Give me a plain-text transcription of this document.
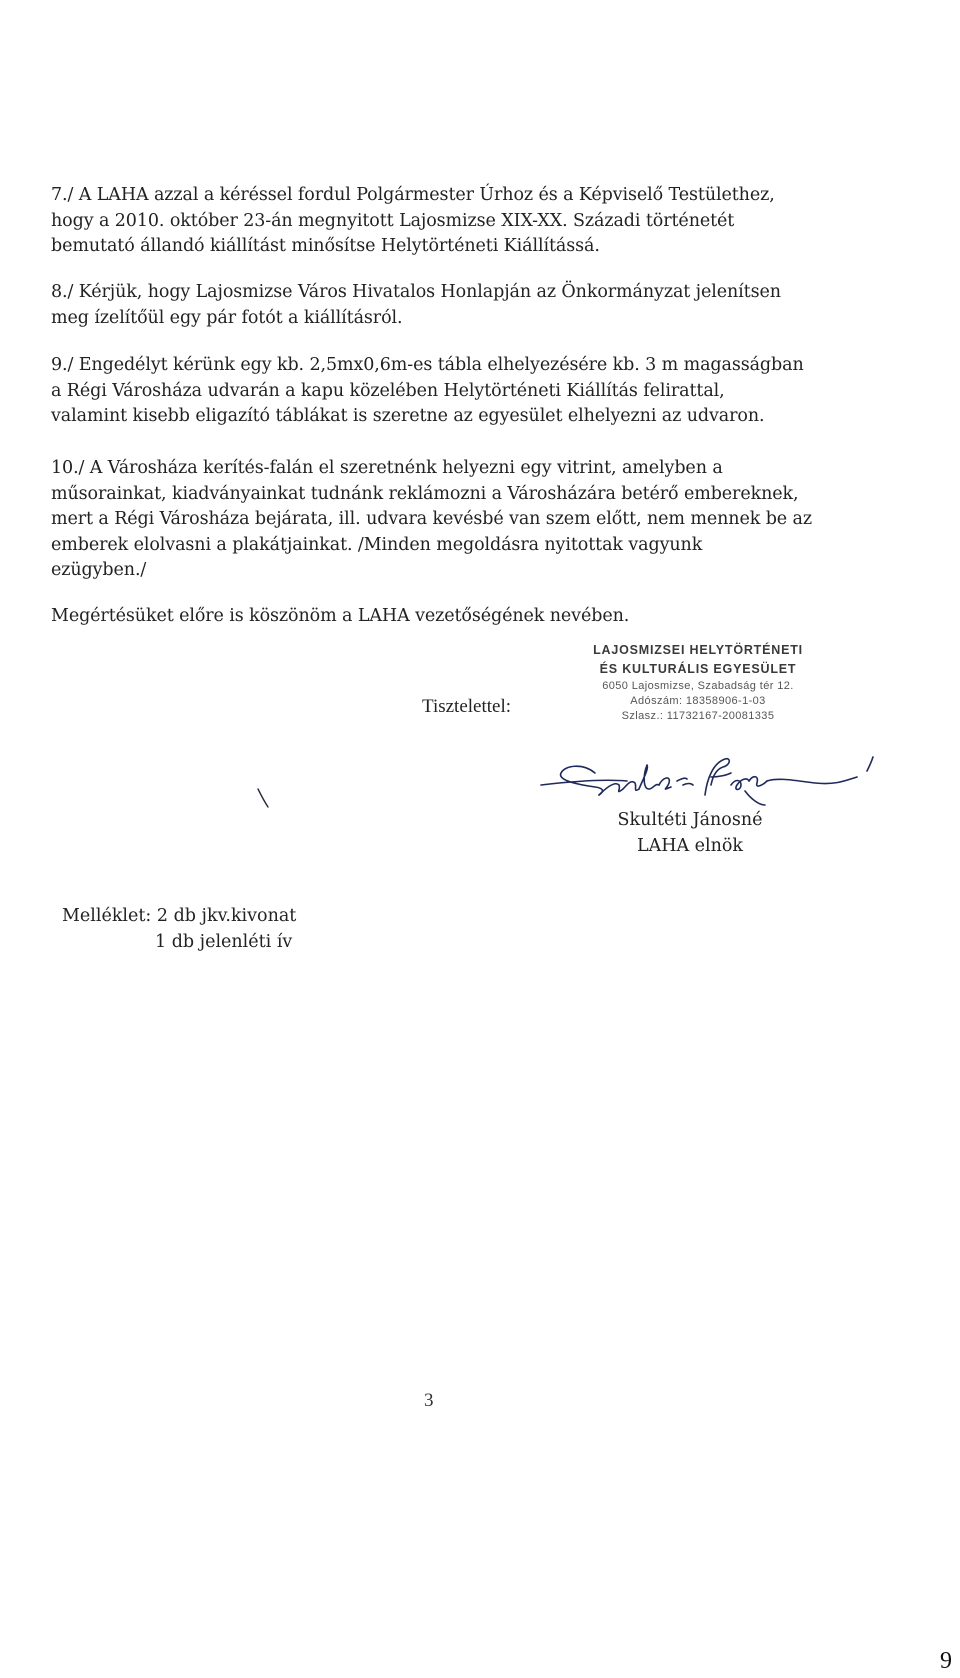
7./ A LAHA azzal a kéréssel fordul Polgármester Úrhoz és a Képviselő Testülethez,
hogy a 2010. október 23-án megnyitott Lajosmizse XIX-XX. Századi történetét
bemutató állandó kiállítást minősítse Helytörténeti Kiállítássá.

8./ Kérjük, hogy Lajosmizse Város Hivatalos Honlapján az Önkormányzat jelenítsen
meg ízelítőül egy pár fotót a kiállításról.

9./ Engedélyt kérünk egy kb. 2,5mx0,6m-es tábla elhelyezésére kb. 3 m magasságban
a Régi Városháza udvarán a kapu közelében Helytörténeti Kiállítás felirattal,
valamint kisebb eligazító táblákat is szeretne az egyesület elhelyezni az udvaron.

10./ A Városháza kerítés-falán el szeretnénk helyezni egy vitrint, amelyben a
műsorainkat, kiadványainkat tudnánk reklámozni a Városházára betérő embereknek,
mert a Régi Városháza bejárata, ill. udvara kevésbé van szem előtt, nem mennek be az
emberek elolvasni a plakátjainkat. /Minden megoldásra nyitottak vagyunk
ezügyben./

Megértésüket előre is köszönöm a LAHA vezetőségének nevében.

LAJOSMIZSEI HELYTÖRTÉNETI
ÉS KULTURÁLIS EGYESÜLET
6050 Lajosmizse, Szabadság tér 12.
Adószám: 18358906-1-03
Szlasz.: 11732167-20081335
Tisztelettel:
Skultéti Jánosné
LAHA elnök
Melléklet: 2 db jkv.kivonat
1 db jelenléti ív
3
9
